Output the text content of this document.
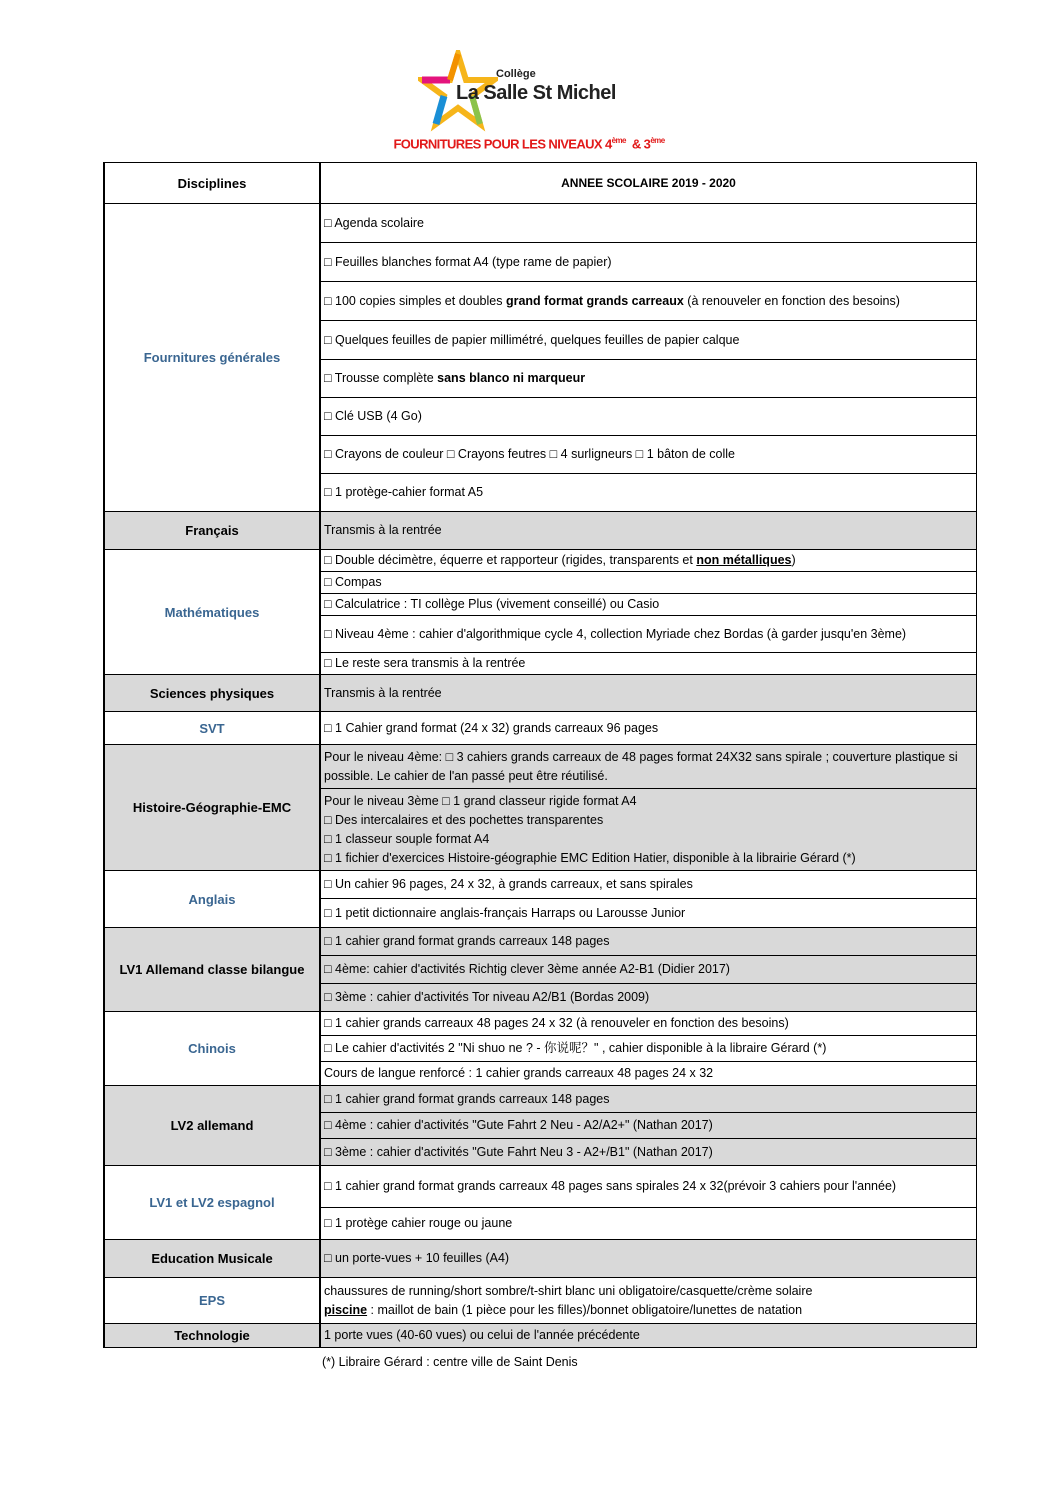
Collège
La Salle St Michel
FOURNITURES POUR LES NIVEAUX 4ème  & 3ème
Disciplines	ANNEE SCOLAIRE 2019 - 2020
Fournitures générales	□ Agenda scolaire
	□ Feuilles blanches format A4 (type rame de papier)
	□ 100 copies simples et doubles grand format grands carreaux (à renouveler en fonction des besoins)
	□ Quelques feuilles de papier millimétré, quelques feuilles de papier calque
	□ Trousse complète sans blanco ni marqueur
	□ Clé USB (4 Go)
	□ Crayons de couleur □ Crayons feutres □ 4 surligneurs □ 1 bâton de colle
	□ 1 protège-cahier format A5
Français	Transmis à la rentrée
Mathématiques	□ Double décimètre, équerre et rapporteur (rigides, transparents et non métalliques)
	□ Compas
	□ Calculatrice : TI collège Plus (vivement conseillé) ou Casio
	□ Niveau 4ème : cahier d'algorithmique cycle 4, collection Myriade chez Bordas (à garder jusqu'en 3ème)
	□ Le reste sera transmis à la rentrée
Sciences physiques	Transmis à la rentrée
SVT	□ 1 Cahier grand format (24 x 32) grands carreaux 96 pages
Histoire-Géographie-EMC	Pour le niveau 4ème: □ 3 cahiers grands carreaux de 48 pages format 24X32 sans spirale ; couverture plastique si possible. Le cahier de l'an passé peut être réutilisé.

	Pour le niveau 3ème □ 1 grand classeur rigide format A4
□ Des intercalaires et des pochettes transparentes
□ 1 classeur souple format A4
□ 1 fichier d'exercices Histoire-géographie EMC Edition Hatier, disponible à la librairie Gérard (*)

Anglais	□ Un cahier 96 pages, 24 x 32, à grands carreaux, et sans spirales
	□ 1 petit dictionnaire anglais-français Harraps ou Larousse Junior
LV1 Allemand classe bilangue	□ 1 cahier grand format grands carreaux 148 pages
	□ 4ème: cahier d'activités Richtig clever 3ème année A2-B1 (Didier 2017)
	□ 3ème : cahier d'activités Tor niveau A2/B1 (Bordas 2009)
Chinois	□ 1 cahier grands carreaux 48 pages 24 x 32 (à renouveler en fonction des besoins)
	□ Le cahier d'activités 2 "Ni shuo ne ? - 你说呢？" , cahier disponible à la libraire Gérard (*)
	Cours de langue renforcé : 1 cahier grands carreaux 48 pages 24 x 32
LV2 allemand	□ 1 cahier grand format grands carreaux 148 pages
	□ 4ème : cahier d'activités "Gute Fahrt 2 Neu - A2/A2+" (Nathan 2017)
	□ 3ème : cahier d'activités "Gute Fahrt Neu 3 - A2+/B1" (Nathan 2017)
LV1 et LV2 espagnol	□ 1 cahier grand format grands carreaux 48 pages sans spirales 24 x 32(prévoir 3 cahiers pour l'année)
	□ 1 protège cahier rouge ou jaune
Education Musicale	□ un porte-vues + 10 feuilles (A4)
EPS	chaussures de running/short sombre/t-shirt blanc uni obligatoire/casquette/crème solaire
piscine : maillot de bain (1 pièce pour les filles)/bonnet obligatoire/lunettes de natation

Technologie	1 porte vues (40-60 vues) ou celui de l'année précédente
(*) Libraire Gérard : centre ville de Saint Denis
